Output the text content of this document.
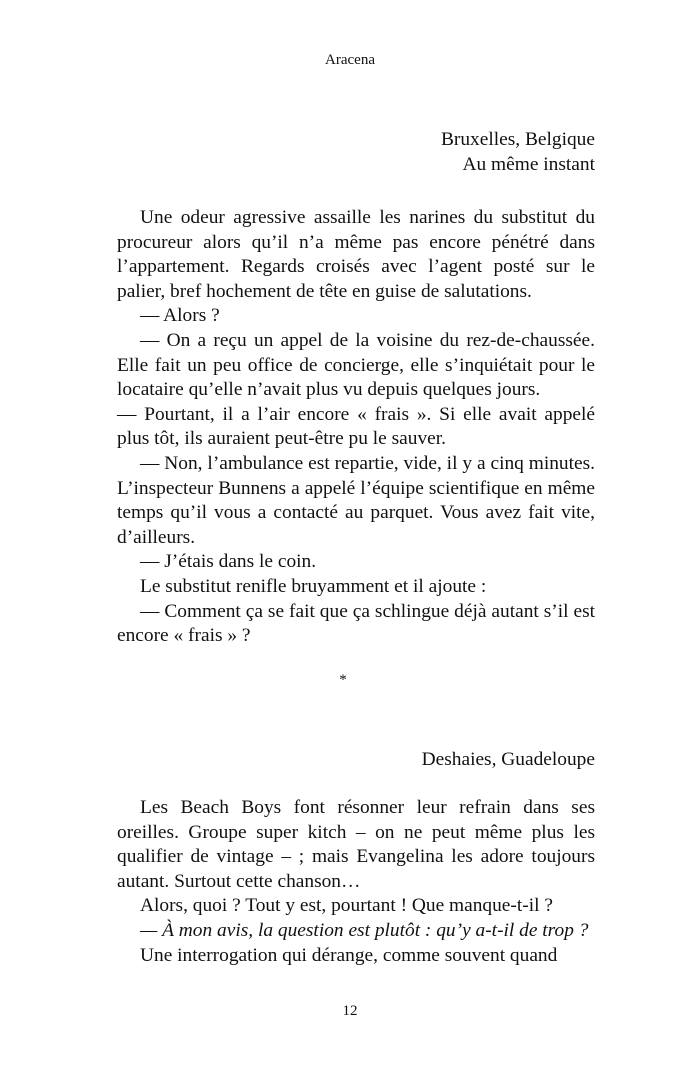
Aracena
Bruxelles, Belgique
Au même instant

Une odeur agressive assaille les narines du substitut du procureur alors qu’il n’a même pas encore pénétré dans l’appartement. Regards croisés avec l’agent posté sur le palier, bref hochement de tête en guise de salutations.

— Alors ?

— On a reçu un appel de la voisine du rez-de-chaussée. Elle fait un peu office de concierge, elle s’inquiétait pour le locataire qu’elle n’avait plus vu depuis quelques jours.

— Pourtant, il a l’air encore « frais ». Si elle avait appelé plus tôt, ils auraient peut-être pu le sauver.

— Non, l’ambulance est repartie, vide, il y a cinq minutes. L’inspecteur Bunnens a appelé l’équipe scientifique en même temps qu’il vous a contacté au parquet. Vous avez fait vite, d’ailleurs.

— J’étais dans le coin.

Le substitut renifle bruyamment et il ajoute :

— Comment ça se fait que ça schlingue déjà autant s’il est encore « frais » ?

*
Deshaies, Guadeloupe

Les Beach Boys font résonner leur refrain dans ses oreilles. Groupe super kitch – on ne peut même plus les qualifier de vintage – ; mais Evangelina les adore toujours autant. Surtout cette chanson…

Alors, quoi ? Tout y est, pourtant ! Que manque-t-il ?

— À mon avis, la question est plutôt : qu’y a-t-il de trop ?

Une interrogation qui dérange, comme souvent quand

12
